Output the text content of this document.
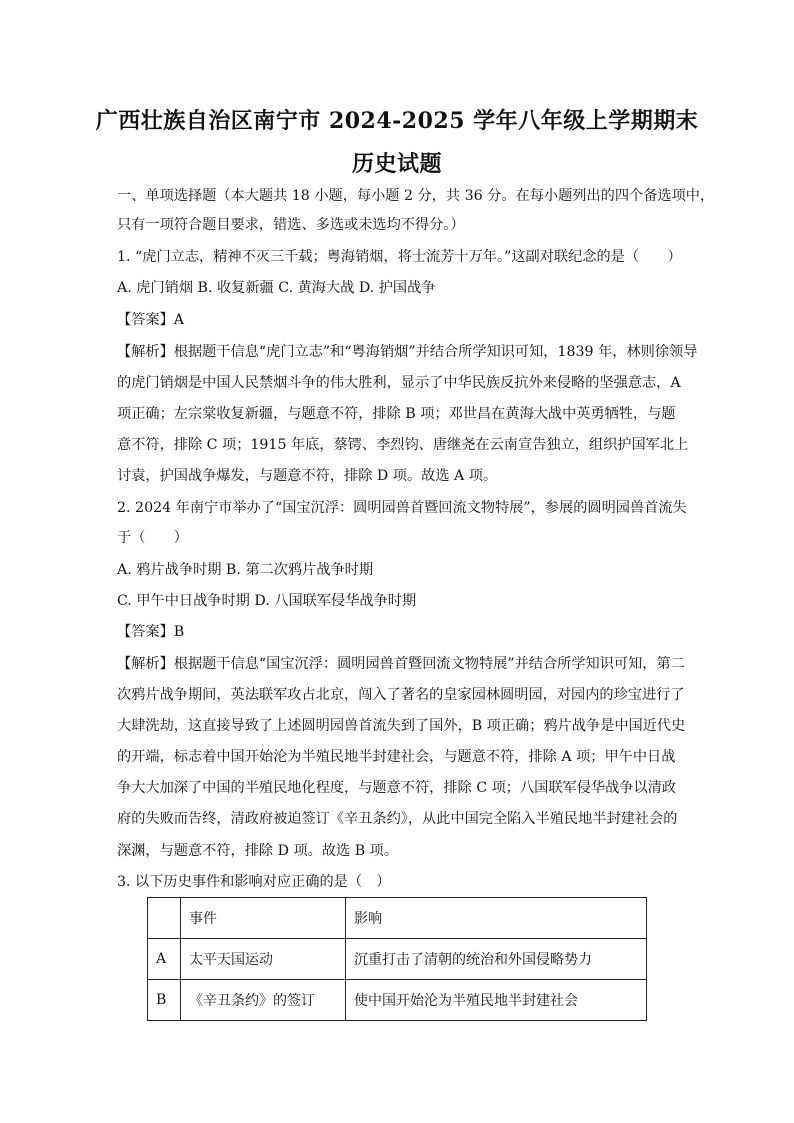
广西壮族自治区南宁市 2024-2025 学年八年级上学期期末
历史试题
一、单项选择题（本大题共 18 小题，每小题 2 分，共 36 分。在每小题列出的四个备选项中，
只有一项符合题目要求，错选、多选或未选均不得分。）
1. “虎门立志，精神不灭三千载；粤海销烟，将士流芳十万年。”这副对联纪念的是（　　）
A. 虎门销烟 B. 收复新疆 C. 黄海大战 D. 护国战争
【答案】A
【解析】根据题干信息“虎门立志”和“粤海销烟”并结合所学知识可知，1839 年，林则徐领导
的虎门销烟是中国人民禁烟斗争的伟大胜利，显示了中华民族反抗外来侵略的坚强意志，A
项正确；左宗棠收复新疆，与题意不符，排除 B 项；邓世昌在黄海大战中英勇牺牲，与题
意不符，排除 C 项；1915 年底，蔡锷、李烈钧、唐继尧在云南宣告独立，组织护国军北上
讨袁，护国战争爆发，与题意不符，排除 D 项。故选 A 项。
2. 2024 年南宁市举办了“国宝沉浮：圆明园兽首暨回流文物特展”，参展的圆明园兽首流失
于（　　）
A. 鸦片战争时期 B. 第二次鸦片战争时期
C. 甲午中日战争时期 D. 八国联军侵华战争时期
【答案】B
【解析】根据题干信息“国宝沉浮：圆明园兽首暨回流文物特展”并结合所学知识可知，第二
次鸦片战争期间，英法联军攻占北京，闯入了著名的皇家园林圆明园，对园内的珍宝进行了
大肆洗劫，这直接导致了上述圆明园兽首流失到了国外，B 项正确；鸦片战争是中国近代史
的开端，标志着中国开始沦为半殖民地半封建社会，与题意不符，排除 A 项；甲午中日战
争大大加深了中国的半殖民地化程度，与题意不符，排除 C 项；八国联军侵华战争以清政
府的失败而告终，清政府被迫签订《辛丑条约》，从此中国完全陷入半殖民地半封建社会的
深渊，与题意不符，排除 D 项。故选 B 项。
3. 以下历史事件和影响对应正确的是（　）
	事件	影响
A	太平天国运动	沉重打击了清朝的统治和外国侵略势力
B	《辛丑条约》的签订	使中国开始沦为半殖民地半封建社会
